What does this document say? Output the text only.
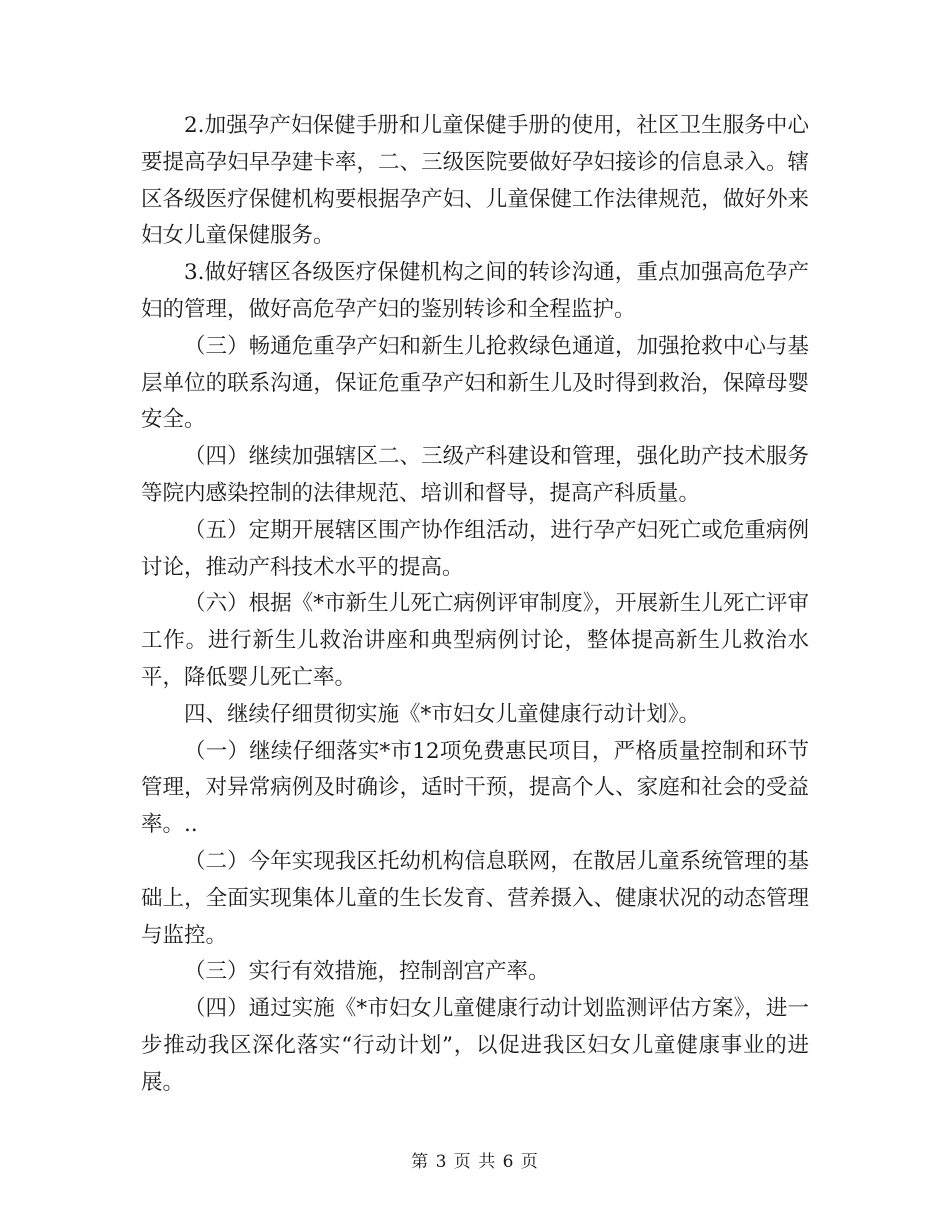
2.加强孕产妇保健手册和儿童保健手册的使用，社区卫生服务中心要提高孕妇早孕建卡率，二、三级医院要做好孕妇接诊的信息录入。辖区各级医疗保健机构要根据孕产妇、儿童保健工作法律规范，做好外来妇女儿童保健服务。

3.做好辖区各级医疗保健机构之间的转诊沟通，重点加强高危孕产妇的管理，做好高危孕产妇的鉴别转诊和全程监护。

（三）畅通危重孕产妇和新生儿抢救绿色通道，加强抢救中心与基层单位的联系沟通，保证危重孕产妇和新生儿及时得到救治，保障母婴安全。

（四）继续加强辖区二、三级产科建设和管理，强化助产技术服务等院内感染控制的法律规范、培训和督导，提高产科质量。

（五）定期开展辖区围产协作组活动，进行孕产妇死亡或危重病例讨论，推动产科技术水平的提高。

（六）根据《*市新生儿死亡病例评审制度》，开展新生儿死亡评审工作。进行新生儿救治讲座和典型病例讨论，整体提高新生儿救治水平，降低婴儿死亡率。

四、继续仔细贯彻实施《*市妇女儿童健康行动计划》。

（一）继续仔细落实*市12项免费惠民项目，严格质量控制和环节管理，对异常病例及时确诊，适时干预，提高个人、家庭和社会的受益率。..

（二）今年实现我区托幼机构信息联网，在散居儿童系统管理的基础上，全面实现集体儿童的生长发育、营养摄入、健康状况的动态管理与监控。

（三）实行有效措施，控制剖宫产率。

（四）通过实施《*市妇女儿童健康行动计划监测评估方案》，进一步推动我区深化落实“行动计划”，以促进我区妇女儿童健康事业的进展。

第 3 页 共 6 页
